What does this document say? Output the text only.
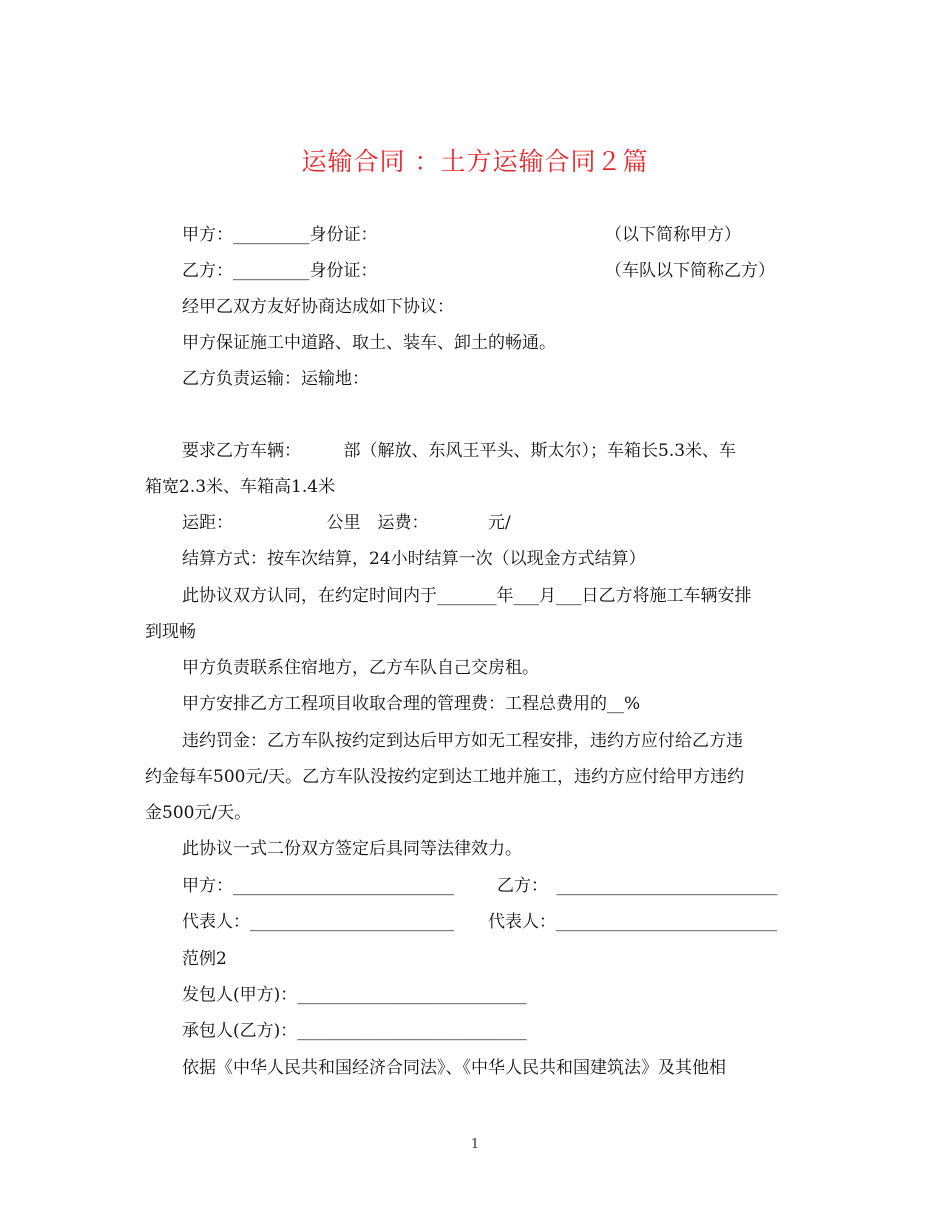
运输合同 ：土方运输合同２篇
甲方：_________身份证：	（以下简称甲方）
乙方：_________身份证：	（车队以下简称乙方）
经甲乙双方友好协商达成如下协议：
甲方保证施工中道路、取土、装车、卸土的畅通。
乙方负责运输：运输地：
要求乙方车辆：　　　部（解放、东风王平头、斯太尔）；车箱长5.3米、车
箱宽2.3米、车箱高1.4米
运距：　　　　　　公里　运费：　　　　元/
结算方式：按车次结算，24小时结算一次（以现金方式结算）
此协议双方认同，在约定时间内于_______年___月___日乙方将施工车辆安排
到现畅
甲方负责联系住宿地方，乙方车队自己交房租。
甲方安排乙方工程项目收取合理的管理费：工程总费用的__%
违约罚金：乙方车队按约定到达后甲方如无工程安排，违约方应付给乙方违
约金每车500元/天。乙方车队没按约定到达工地并施工，违约方应付给甲方违约
金500元/天。
此协议一式二份双方签定后具同等法律效力。
甲方：__________________________	乙方：　__________________________
代表人：________________________ 代表人：__________________________
范例2
发包人(甲方)：___________________________
承包人(乙方)：___________________________
依据《中华人民共和国经济合同法》、《中华人民共和国建筑法》及其他相
1
